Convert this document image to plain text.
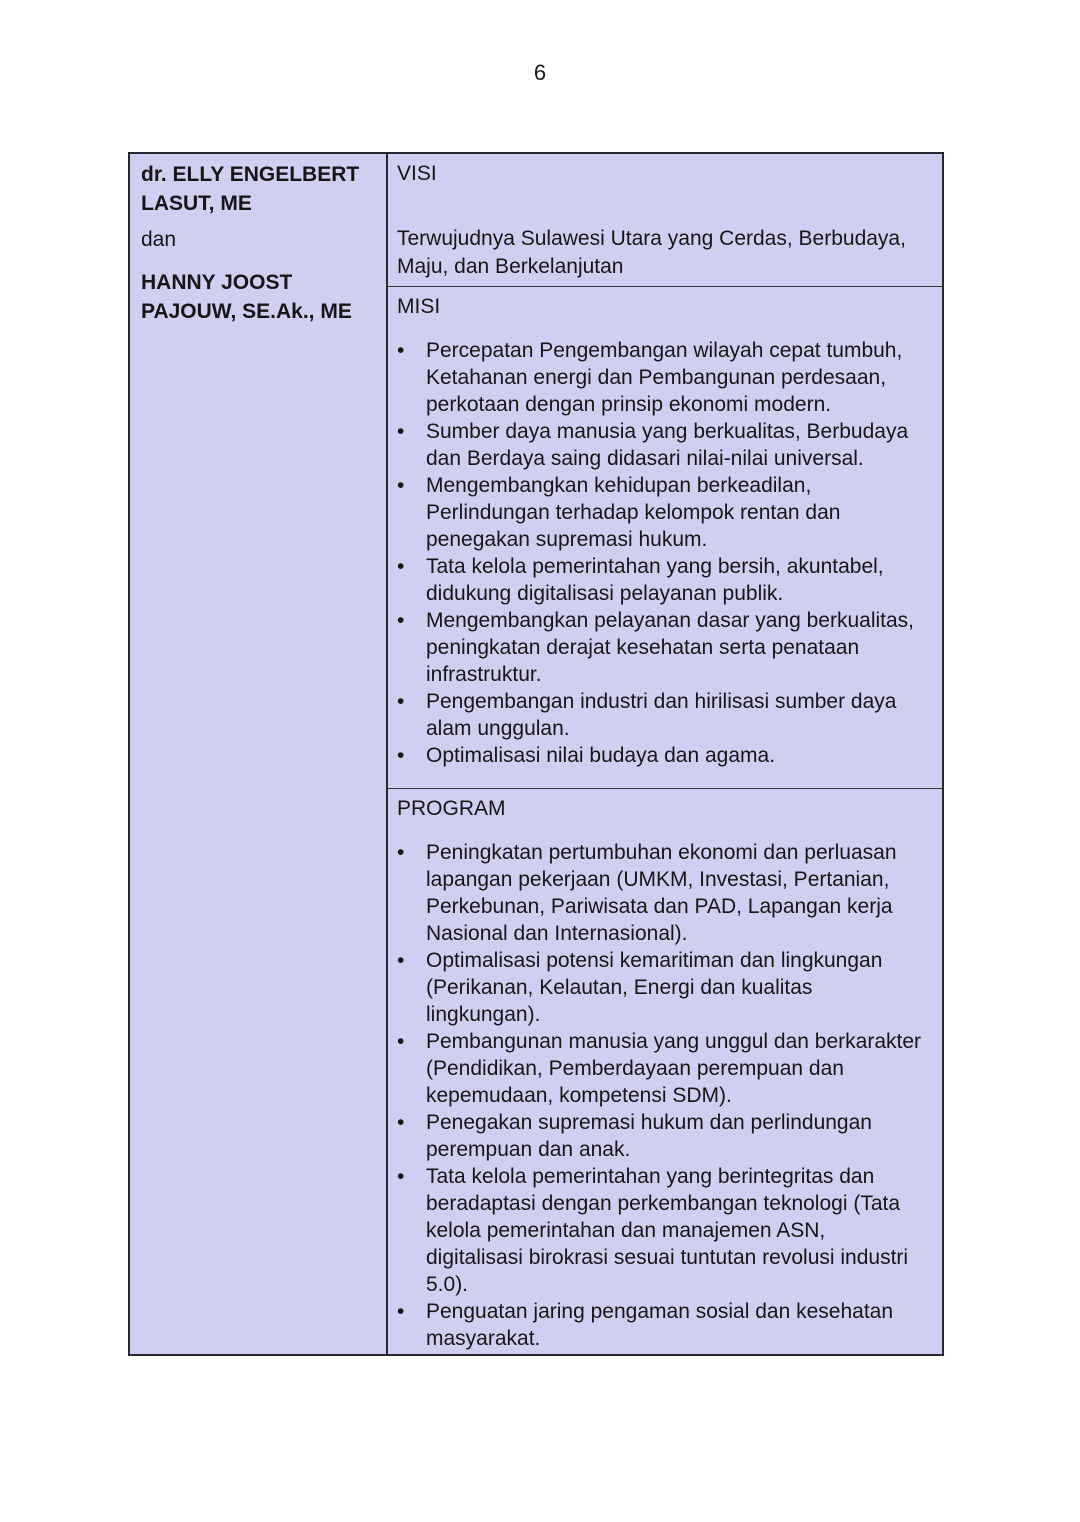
6

dr. ELLY ENGELBERT LASUT, ME

dan

HANNY JOOST PAJOUW, SE.Ak., ME

VISI

Terwujudnya Sulawesi Utara yang Cerdas, Berbudaya, Maju, dan Berkelanjutan

MISI
•	Percepatan Pengembangan wilayah cepat tumbuh, Ketahanan energi dan Pembangunan perdesaan, perkotaan dengan prinsip ekonomi modern.
•	Sumber daya manusia yang berkualitas, Berbudaya dan Berdaya saing didasari nilai-nilai universal.
•	Mengembangkan kehidupan berkeadilan, Perlindungan terhadap kelompok rentan dan penegakan supremasi hukum.
•	Tata kelola pemerintahan yang bersih, akuntabel, didukung digitalisasi pelayanan publik.
•	Mengembangkan pelayanan dasar yang berkualitas, peningkatan derajat kesehatan serta penataan infrastruktur.
•	Pengembangan industri dan hirilisasi sumber daya alam unggulan.
•	Optimalisasi nilai budaya dan agama.
PROGRAM
•	Peningkatan pertumbuhan ekonomi dan perluasan lapangan pekerjaan (UMKM, Investasi, Pertanian, Perkebunan, Pariwisata dan PAD, Lapangan kerja Nasional dan Internasional).
•	Optimalisasi potensi kemaritiman dan lingkungan (Perikanan, Kelautan, Energi dan kualitas lingkungan).
•	Pembangunan manusia yang unggul dan berkarakter (Pendidikan, Pemberdayaan perempuan dan kepemudaan, kompetensi SDM).
•	Penegakan supremasi hukum dan perlindungan perempuan dan anak.
•	Tata kelola pemerintahan yang berintegritas dan beradaptasi dengan perkembangan teknologi (Tata kelola pemerintahan dan manajemen ASN, digitalisasi birokrasi sesuai tuntutan revolusi industri 5.0).
•	Penguatan jaring pengaman sosial dan kesehatan masyarakat.
